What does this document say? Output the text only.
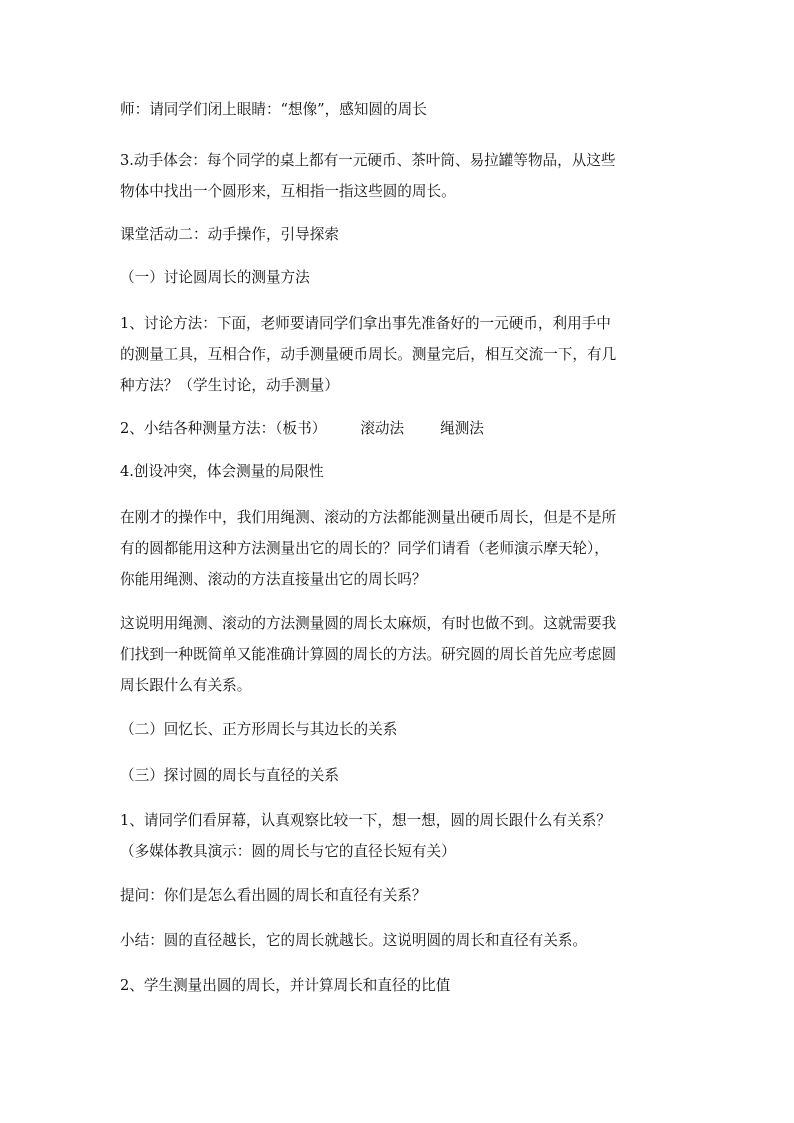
师：请同学们闭上眼睛：“想像”，感知圆的周长

3.动手体会：每个同学的桌上都有一元硬币、茶叶筒、易拉罐等物品，从这些
物体中找出一个圆形来，互相指一指这些圆的周长。

课堂活动二：动手操作，引导探索

（一）讨论圆周长的测量方法

1、讨论方法：下面，老师要请同学们拿出事先准备好的一元硬币，利用手中
的测量工具，互相合作，动手测量硬币周长。测量完后，相互交流一下，有几
种方法？（学生讨论，动手测量）

2、小结各种测量方法：（板书） 滚动法 绳测法

4.创设冲突，体会测量的局限性

在刚才的操作中，我们用绳测、滚动的方法都能测量出硬币周长，但是不是所
有的圆都能用这种方法测量出它的周长的？同学们请看（老师演示摩天轮），
你能用绳测、滚动的方法直接量出它的周长吗？

这说明用绳测、滚动的方法测量圆的周长太麻烦，有时也做不到。这就需要我
们找到一种既简单又能准确计算圆的周长的方法。研究圆的周长首先应考虑圆
周长跟什么有关系。

（二）回忆长、正方形周长与其边长的关系

（三）探讨圆的周长与直径的关系

1、请同学们看屏幕，认真观察比较一下，想一想，圆的周长跟什么有关系？
（多媒体教具演示：圆的周长与它的直径长短有关）

提问：你们是怎么看出圆的周长和直径有关系？

小结：圆的直径越长，它的周长就越长。这说明圆的周长和直径有关系。

2、学生测量出圆的周长，并计算周长和直径的比值
